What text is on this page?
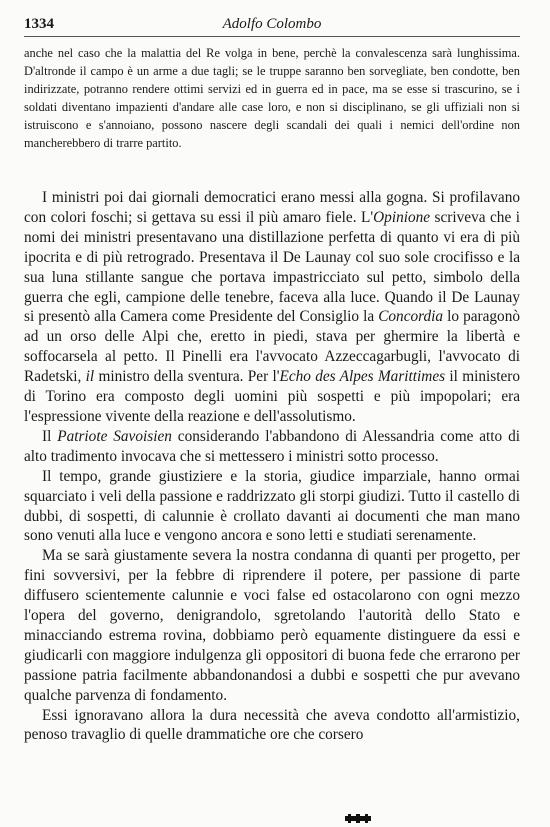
1334	Adolfo Colombo

anche nel caso che la malattia del Re volga in bene, perchè la convalescenza sarà lunghissima. D'altronde il campo è un arme a due tagli; se le truppe saranno ben sorvegliate, ben condotte, ben indirizzate, potranno rendere ottimi servizi ed in guerra ed in pace, ma se esse si trascurino, se i soldati diventano impazienti d'andare alle case loro, e non si disciplinano, se gli uffiziali non si istruiscono e s'annoiano, possono nascere degli scandali dei quali i nemici dell'ordine non mancherebbero di trarre partito.

I ministri poi dai giornali democratici erano messi alla gogna. Si profilavano con colori foschi; si gettava su essi il più amaro fiele. L'Opinione scriveva che i nomi dei ministri presentavano una distillazione perfetta di quanto vi era di più ipocrita e di più retrogrado. Presentava il De Launay col suo sole crocifisso e la sua luna stillante sangue che portava impastricciato sul petto, simbolo della guerra che egli, campione delle tenebre, faceva alla luce. Quando il De Launay si presentò alla Camera come Presidente del Consiglio la Concordia lo paragonò ad un orso delle Alpi che, eretto in piedi, stava per ghermire la libertà e soffocarsela al petto. Il Pinelli era l'avvocato Azzeccagarbugli, l'avvocato di Radetski, il ministro della sventura. Per l'Echo des Alpes Marittimes il ministero di Torino era composto degli uomini più sospetti e più impopolari; era l'espressione vivente della reazione e dell'assolutismo.

Il Patriote Savoisien considerando l'abbandono di Alessandria come atto di alto tradimento invocava che si mettessero i ministri sotto processo.

Il tempo, grande giustiziere e la storia, giudice imparziale, hanno ormai squarciato i veli della passione e raddrizzato gli storpi giudizi. Tutto il castello di dubbi, di sospetti, di calunnie è crollato davanti ai documenti che man mano sono venuti alla luce e vengono ancora e sono letti e studiati serenamente.

Ma se sarà giustamente severa la nostra condanna di quanti per progetto, per fini sovversivi, per la febbre di riprendere il potere, per passione di parte diffusero scientemente calunnie e voci false ed ostacolarono con ogni mezzo l'opera del governo, denigrandolo, sgretolando l'autorità dello Stato e minacciando estrema rovina, dobbiamo però equamente distinguere da essi e giudicarli con maggiore indulgenza gli oppositori di buona fede che errarono per passione patria facilmente abbandonandosi a dubbi e sospetti che pur avevano qualche parvenza di fondamento.

Essi ignoravano allora la dura necessità che aveva condotto all'armistizio, penoso travaglio di quelle drammatiche ore che corsero
